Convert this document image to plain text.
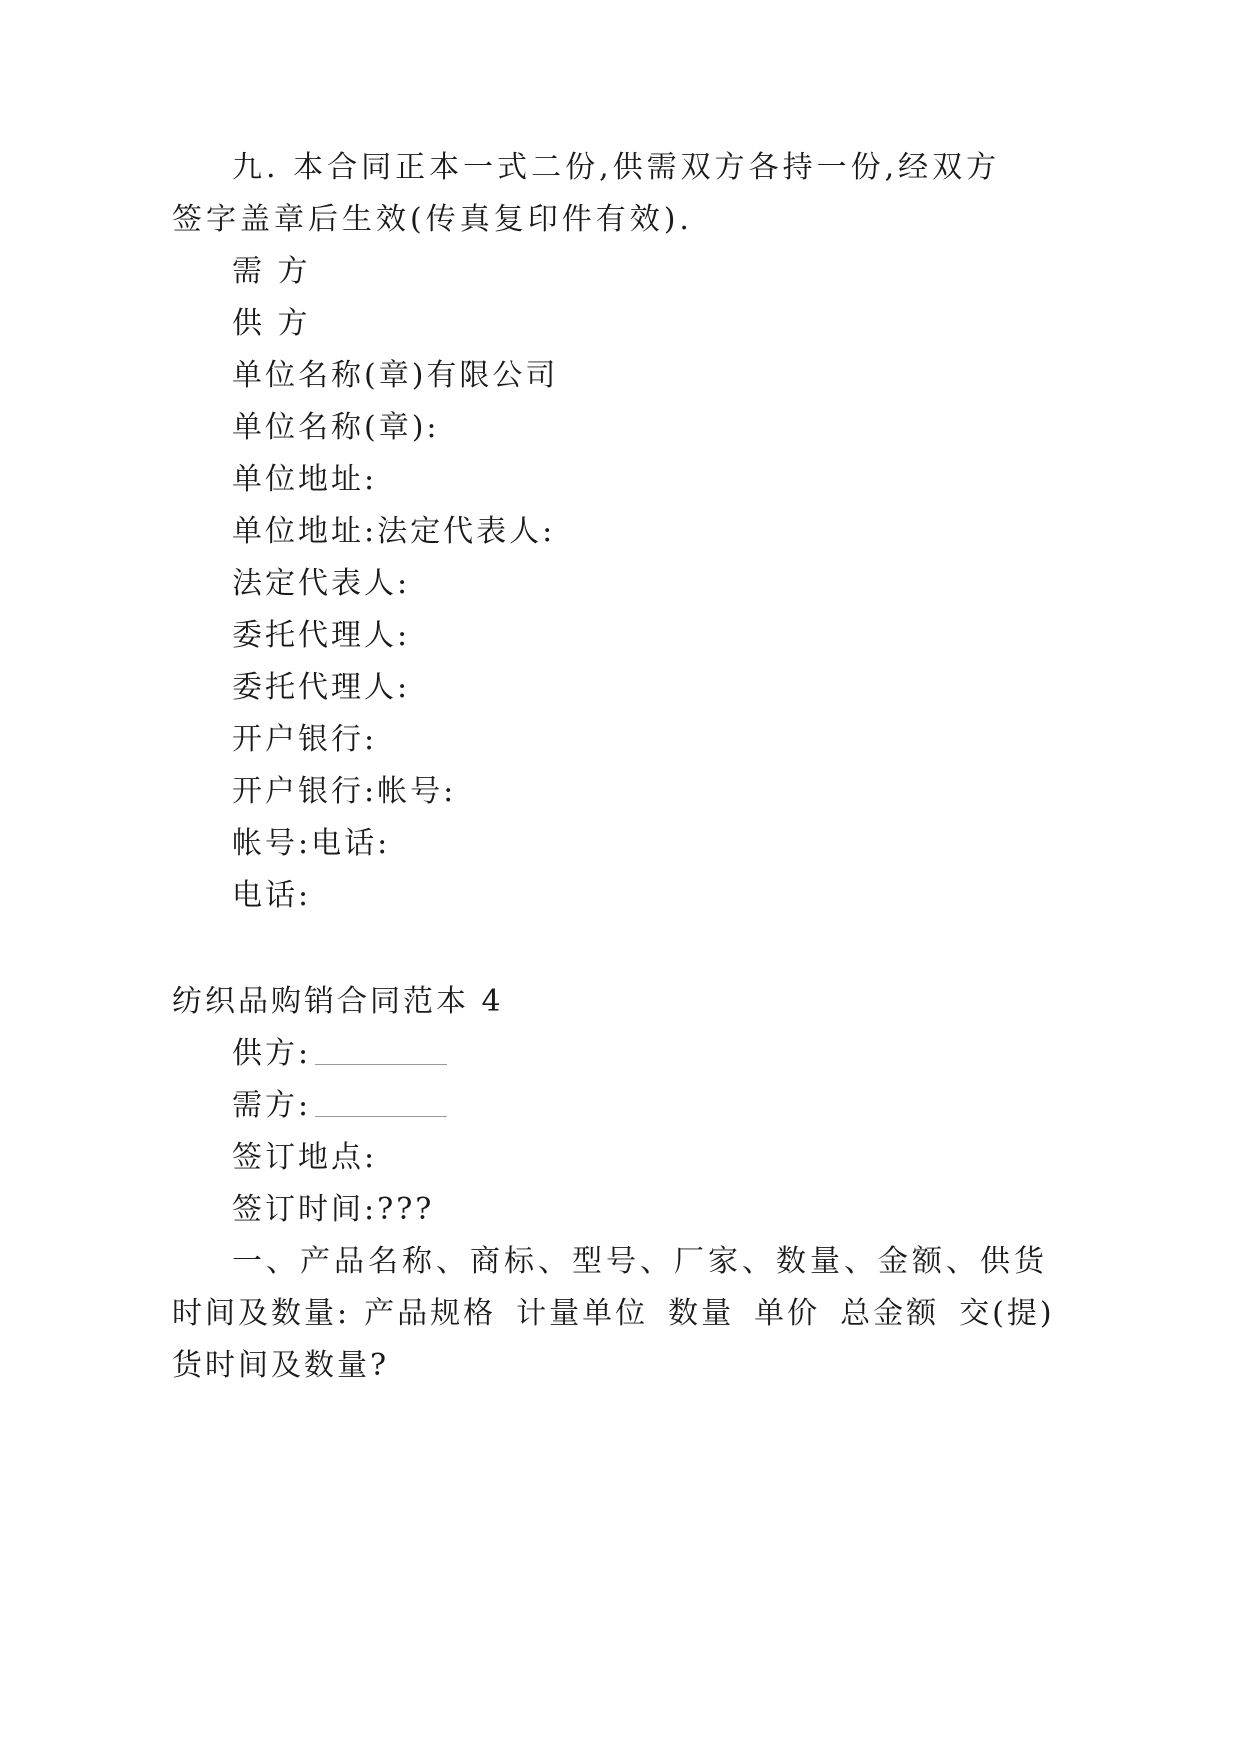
九. 本合同正本一式二份,供需双方各持一份,经双方
签字盖章后生效(传真复印件有效).
需 方
供 方
单位名称(章)有限公司
单位名称(章):
单位地址:
单位地址:法定代表人:
法定代表人:
委托代理人:
委托代理人:
开户银行:
开户银行:帐号:
帐号:电话:
电话:
纺织品购销合同范本 4
供方:
需方:
签订地点:
签订时间:???
一、产品名称、商标、型号、厂家、数量、金额、供货
时间及数量: 产品规格 计量单位 数量 单价 总金额 交(提)
货时间及数量?
